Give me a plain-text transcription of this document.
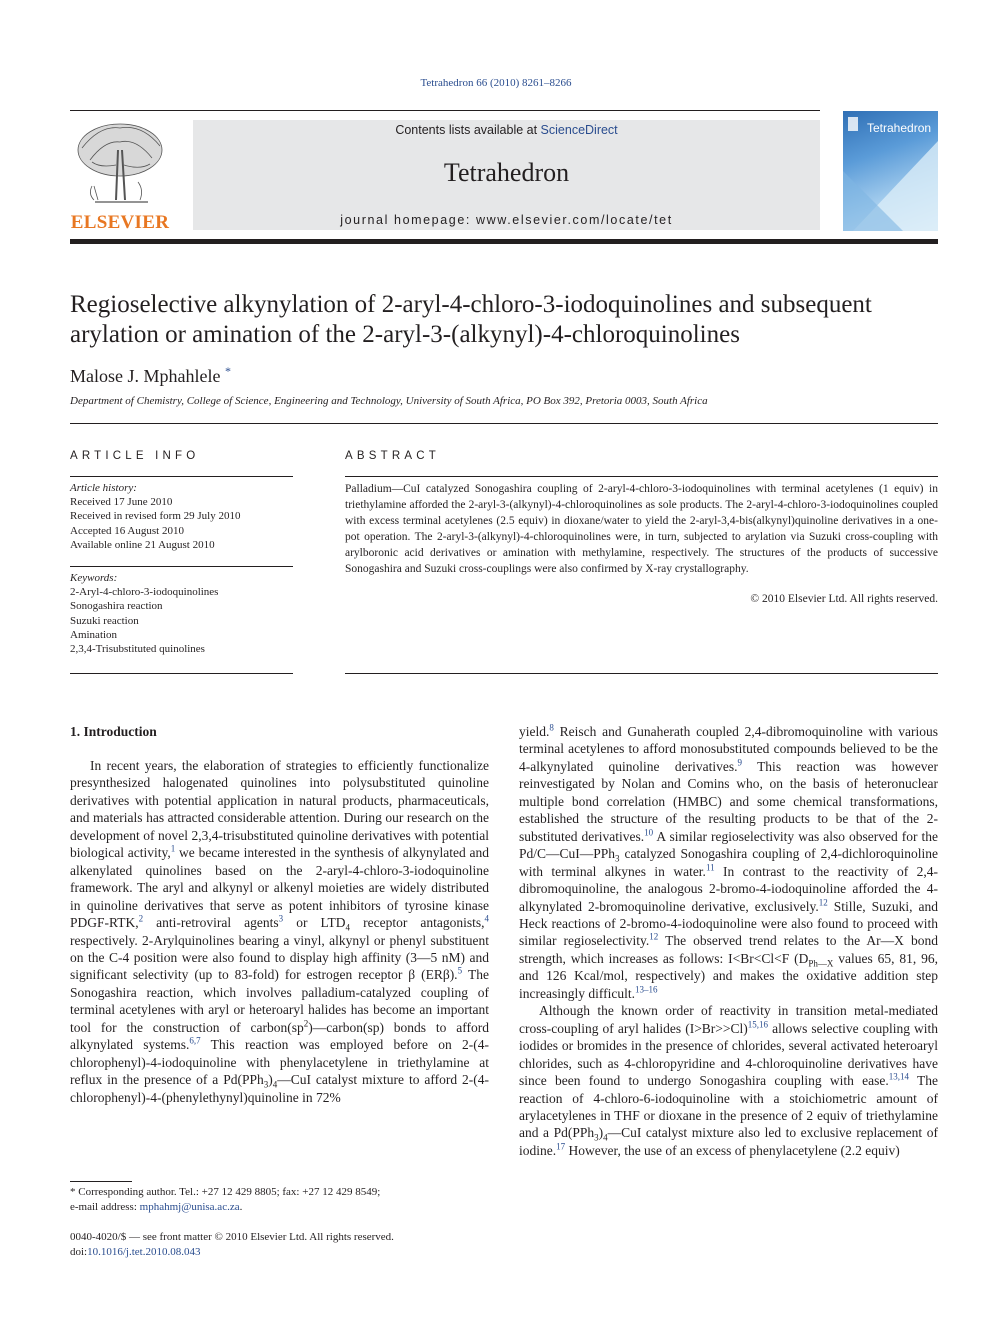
Tetrahedron 66 (2010) 8261–8266
ELSEVIER
Contents lists available at ScienceDirect
Tetrahedron
journal homepage: www.elsevier.com/locate/tet
Tetrahedron
Regioselective alkynylation of 2-aryl-4-chloro-3-iodoquinolines and subsequent arylation or amination of the 2-aryl-3-(alkynyl)-4-chloroquinolines
Malose J. Mphahlele *
Department of Chemistry, College of Science, Engineering and Technology, University of South Africa, PO Box 392, Pretoria 0003, South Africa
ARTICLE INFO
Article history:
Received 17 June 2010
Received in revised form 29 July 2010
Accepted 16 August 2010
Available online 21 August 2010
Keywords:
2-Aryl-4-chloro-3-iodoquinolines
Sonogashira reaction
Suzuki reaction
Amination
2,3,4-Trisubstituted quinolines
ABSTRACT
Palladium—CuI catalyzed Sonogashira coupling of 2-aryl-4-chloro-3-iodoquinolines with terminal acetylenes (1 equiv) in triethylamine afforded the 2-aryl-3-(alkynyl)-4-chloroquinolines as sole products. The 2-aryl-4-chloro-3-iodoquinolines coupled with excess terminal acetylenes (2.5 equiv) in dioxane/water to yield the 2-aryl-3,4-bis(alkynyl)quinoline derivatives in a one-pot operation. The 2-aryl-3-(alkynyl)-4-chloroquinolines were, in turn, subjected to arylation via Suzuki cross-coupling with arylboronic acid derivatives or amination with methylamine, respectively. The structures of the products of successive Sonogashira and Suzuki cross-couplings were also confirmed by X-ray crystallography.
© 2010 Elsevier Ltd. All rights reserved.
1. Introduction

In recent years, the elaboration of strategies to efficiently functionalize presynthesized halogenated quinolines into polysubstituted quinoline derivatives with potential application in natural products, pharmaceuticals, and materials has attracted considerable attention. During our research on the development of novel 2,3,4-trisubstituted quinoline derivatives with potential biological activity,$^1$ we became interested in the synthesis of alkynylated and alkenylated quinolines based on the 2-aryl-4-chloro-3-iodoquinoline framework. The aryl and alkynyl or alkenyl moieties are widely distributed in quinoline derivatives that serve as potent inhibitors of tyrosine kinase PDGF-RTK,$^2$ anti-retroviral agents$^3$ or $LTD_4$ receptor antagonists,$^4$ respectively. 2-Arylquinolines bearing a vinyl, alkynyl or phenyl substituent on the C-4 position were also found to display high affinity (3—5 nM) and significant selectivity (up to 83-fold) for estrogen receptor β (ERβ).$^5$ The Sonogashira reaction, which involves palladium-catalyzed coupling of terminal acetylenes with aryl or heteroaryl halides has become an important tool for the construction of $carbon(sp^2)—carbon(sp)$ bonds to afford alkynylated systems.$^{6,7}$ This reaction was employed before on 2-(4-chlorophenyl)-4-iodoquinoline with phenylacetylene in triethylamine at reflux in the presence of a $Pd(PPh_3)_4—CuI$ catalyst mixture to afford 2-(4-chlorophenyl)-4-(phenylethynyl)quinoline in 72%

yield.$^8$ Reisch and Gunaherath coupled 2,4-dibromoquinoline with various terminal acetylenes to afford monosubstituted compounds believed to be the 4-alkynylated quinoline derivatives.$^9$ This reaction was however reinvestigated by Nolan and Comins who, on the basis of heteronuclear multiple bond correlation (HMBC) and some chemical transformations, established the structure of the resulting products to be that of the 2-substituted derivatives.$^{10}$ A similar regioselectivity was also observed for the Pd/C—CuI—PPh$_3$ catalyzed Sonogashira coupling of 2,4-dichloroquinoline with terminal alkynes in water.$^{11}$ In contrast to the reactivity of 2,4-dibromoquinoline, the analogous 2-bromo-4-iodoquinoline afforded the 4-alkynylated 2-bromoquinoline derivative, exclusively.$^{12}$ Stille, Suzuki, and Heck reactions of 2-bromo-4-iodoquinoline were also found to proceed with similar regioselectivity.$^{12}$ The observed trend relates to the Ar—X bond strength, which increases as follows: I<Br<Cl<F ($D_{Ph—X}$ values 65, 81, 96, and 126 Kcal/mol, respectively) and makes the oxidative addition step increasingly difficult.$^{13-16}$

Although the known order of reactivity in transition metal-mediated cross-coupling of aryl halides (I>Br>>Cl)$^{15,16}$ allows selective coupling with iodides or bromides in the presence of chlorides, several activated heteroaryl chlorides, such as 4-chloropyridine and 4-chloroquinoline derivatives have since been found to undergo Sonogashira coupling with ease.$^{13,14}$ The reaction of 4-chloro-6-iodoquinoline with a stoichiometric amount of arylacetylenes in THF or dioxane in the presence of 2 equiv of triethylamine and a $Pd(PPh_3)_4—CuI$ catalyst mixture also led to exclusive replacement of iodine.$^{17}$ However, the use of an excess of phenylacetylene (2.2 equiv)

* Corresponding author. Tel.: +27 12 429 8805; fax: +27 12 429 8549;
e-mail address: mphahmj@unisa.ac.za.
0040-4020/$ — see front matter © 2010 Elsevier Ltd. All rights reserved.
doi:10.1016/j.tet.2010.08.043
